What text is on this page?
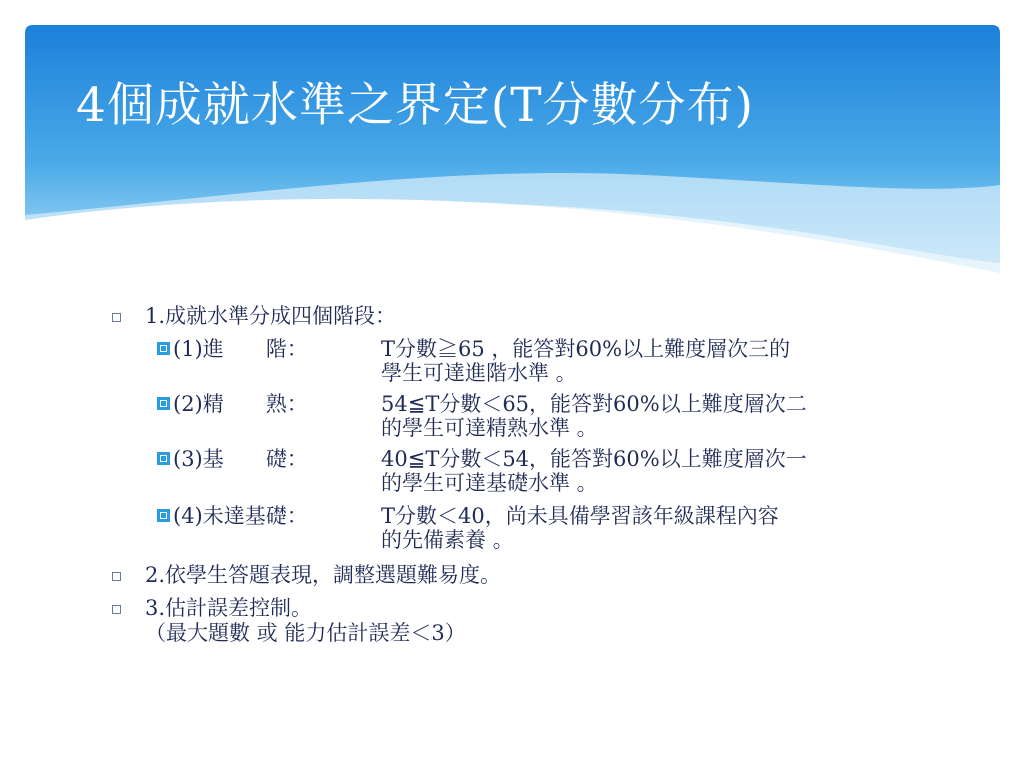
4個成就水準之界定(T分數分布)
1.成就水準分成四個階段：
(1)進　　階：	T分數≧65 ，能答對60%以上難度層次三的
學生可達進階水準 。
(2)精　　熟：	54≦T分數＜65，能答對60%以上難度層次二
的學生可達精熟水準 。
(3)基　　礎：	40≦T分數＜54，能答對60%以上難度層次一
的學生可達基礎水準 。
(4)未達基礎：	T分數＜40，尚未具備學習該年級課程內容
的先備素養 。
2.依學生答題表現，調整選題難易度。
3.估計誤差控制。
（最大題數 或 能力估計誤差＜3）
